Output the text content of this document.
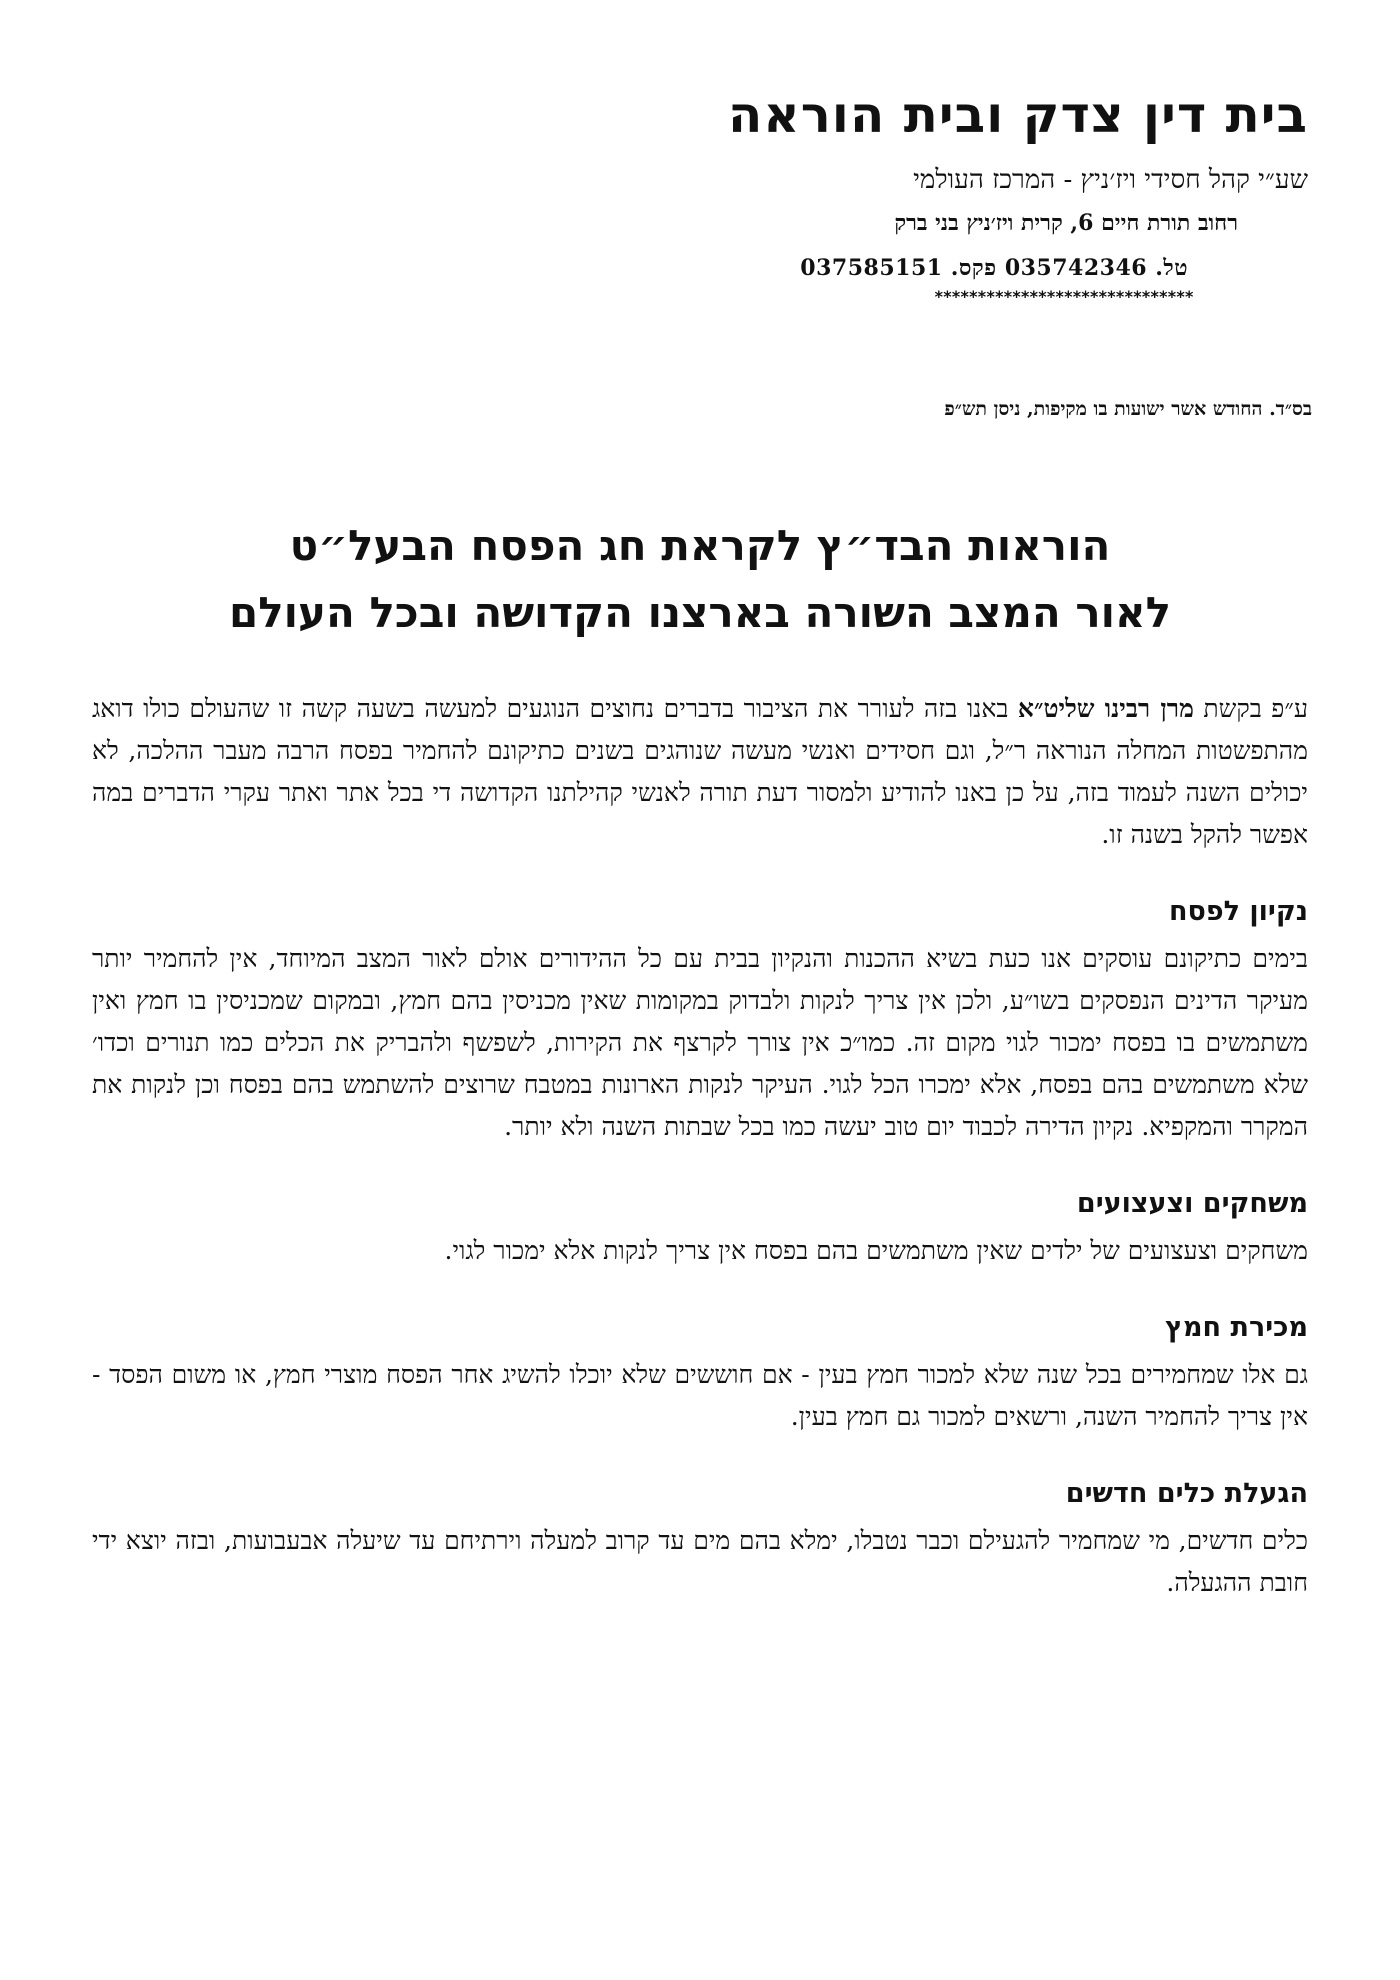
בית דין צדק ובית הוראה
שע״י קהל חסידי ויז׳ניץ - המרכז העולמי
רחוב תורת חיים 6, קרית ויז׳ניץ בני ברק
טל. 035742346 פקס. 037585151
******************************
בס״ד. החודש אשר ישועות בו מקיפות, ניסן תש״פ
הוראות הבד״ץ לקראת חג הפסח הבעל״ט
לאור המצב השורה בארצנו הקדושה ובכל העולם

ע״פ בקשת מרן רבינו שליט״א באנו בזה לעורר את הציבור בדברים נחוצים הנוגעים למעשה בשעה קשה זו שהעולם כולו דואג מהתפשטות המחלה הנוראה ר״ל, וגם חסידים ואנשי מעשה שנוהגים בשנים כתיקונם להחמיר בפסח הרבה מעבר ההלכה, לא יכולים השנה לעמוד בזה, על כן באנו להודיע ולמסור דעת תורה לאנשי קהילתנו הקדושה די בכל אתר ואתר עקרי הדברים במה אפשר להקל בשנה זו.

נקיון לפסח

בימים כתיקונם עוסקים אנו כעת בשיא ההכנות והנקיון בבית עם כל ההידורים אולם לאור המצב המיוחד, אין להחמיר יותר מעיקר הדינים הנפסקים בשו״ע, ולכן אין צריך לנקות ולבדוק במקומות שאין מכניסין בהם חמץ, ובמקום שמכניסין בו חמץ ואין משתמשים בו בפסח ימכור לגוי מקום זה. כמו״כ אין צורך לקרצף את הקירות, לשפשף ולהבריק את הכלים כמו תנורים וכדו׳ שלא משתמשים בהם בפסח, אלא ימכרו הכל לגוי. העיקר לנקות הארונות במטבח שרוצים להשתמש בהם בפסח וכן לנקות את המקרר והמקפיא. נקיון הדירה לכבוד יום טוב יעשה כמו בכל שבתות השנה ולא יותר.

משחקים וצעצועים

משחקים וצעצועים של ילדים שאין משתמשים בהם בפסח אין צריך לנקות אלא ימכור לגוי.

מכירת חמץ

גם אלו שמחמירים בכל שנה שלא למכור חמץ בעין - אם חוששים שלא יוכלו להשיג אחר הפסח מוצרי חמץ, או משום הפסד - אין צריך להחמיר השנה, ורשאים למכור גם חמץ בעין.

הגעלת כלים חדשים

כלים חדשים, מי שמחמיר להגעילם וכבר נטבלו, ימלא בהם מים עד קרוב למעלה וירתיחם עד שיעלה אבעבועות, ובזה יוצא ידי חובת ההגעלה.
